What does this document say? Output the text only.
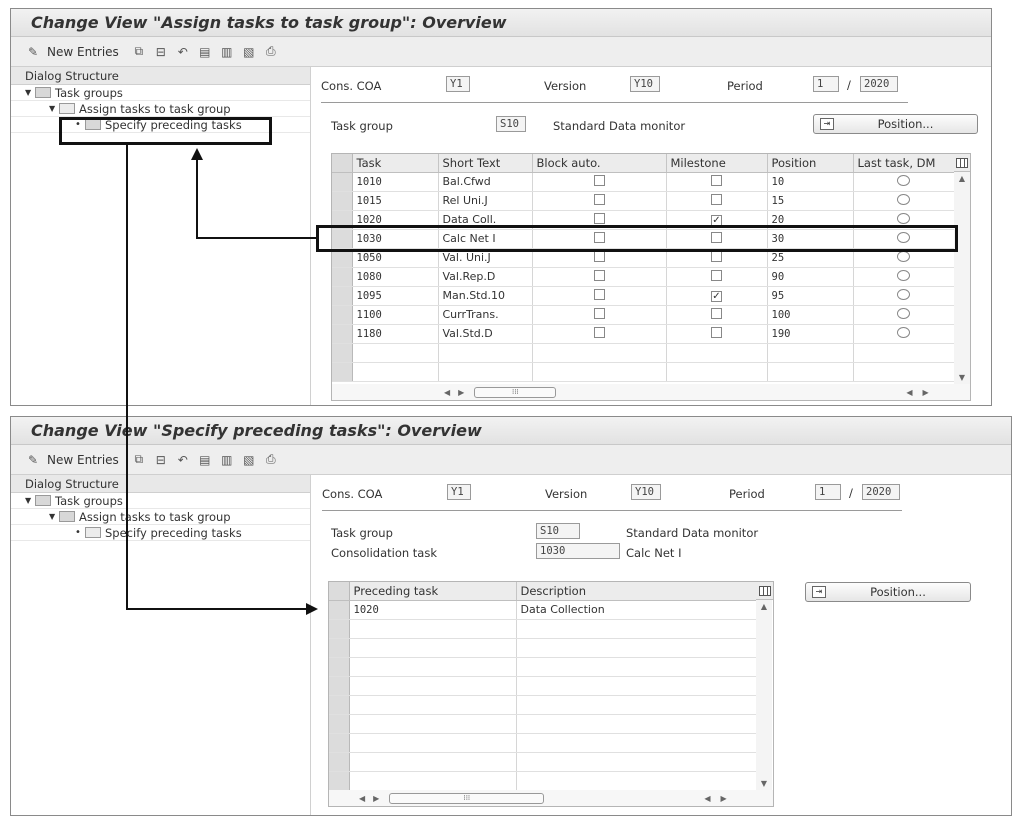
Change View "Assign tasks to task group": Overview
✎ New Entries	⧉	⊟ ↶ ▤ ▥ ▧ ⎙
Dialog Structure
▼	Task groups
▼	Assign tasks to task group
•	Specify preceding tasks
Cons. COA	Y1	Version	Y10	Period	1	/	2020
Task group	S10	Standard Data monitor	⇥	Position...
	Task	Short Text	Block auto.	Milestone	Position	Last task, DM
	1010	Bal.Cfwd			10	
	1015	Rel Uni.J			15	
	1020	Data Coll.		✓	20	
	1030	Calc Net I			30	
	1050	Val. Uni.J			25	
	1080	Val.Rep.D			90	
	1095	Man.Std.10		✓	95	
	1100	CurrTrans.			100	
	1180	Val.Std.D			190	

▲
▼
◀ ▶	⁞⁞⁞	◀ ▶
Change View "Specify preceding tasks": Overview
✎ New Entries	⧉	⊟ ↶ ▤ ▥ ▧ ⎙
Dialog Structure
▼	Task groups
▼	Assign tasks to task group
•	Specify preceding tasks
Cons. COA	Y1	Version	Y10	Period	1	/	2020
Task group	S10	Standard Data monitor
Consolidation task	1030	Calc Net I
	Preceding task	Description
	1020	Data Collection

			▲
▼
◀ ▶	⁞⁞⁞	◀ ▶
⇥	Position...
